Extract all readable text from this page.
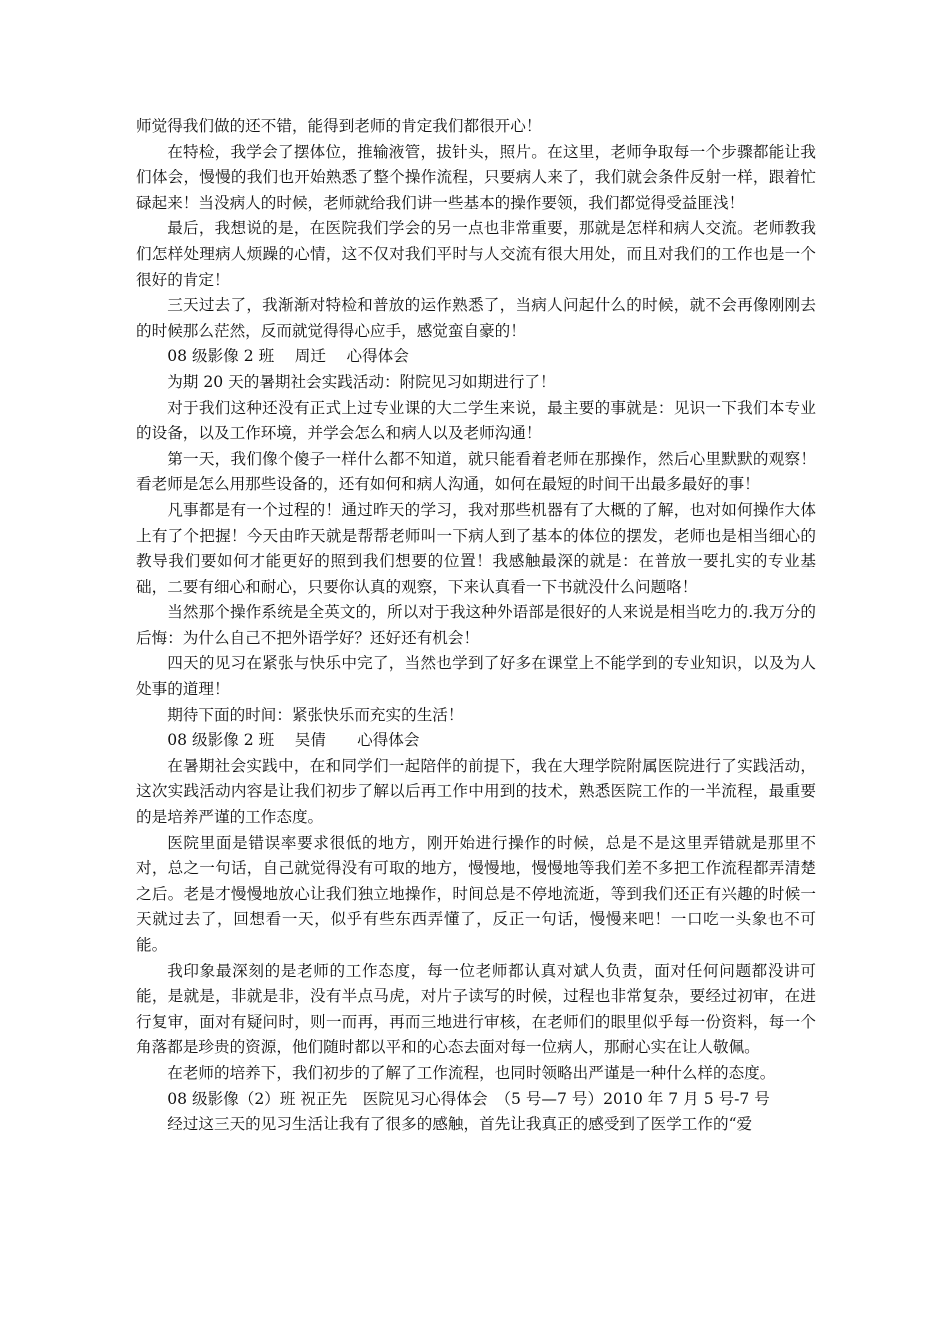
师觉得我们做的还不错，能得到老师的肯定我们都很开心！

在特检，我学会了摆体位，推输液管，拔针头，照片。在这里，老师争取每一个步骤都能让我们体会，慢慢的我们也开始熟悉了整个操作流程，只要病人来了，我们就会条件反射一样，跟着忙碌起来！当没病人的时候，老师就给我们讲一些基本的操作要领，我们都觉得受益匪浅！

最后，我想说的是，在医院我们学会的另一点也非常重要，那就是怎样和病人交流。老师教我们怎样处理病人烦躁的心情，这不仅对我们平时与人交流有很大用处，而且对我们的工作也是一个很好的肯定！

三天过去了，我渐渐对特检和普放的运作熟悉了，当病人问起什么的时候，就不会再像刚刚去的时候那么茫然，反而就觉得得心应手，感觉蛮自豪的！

08 级影像 2 班　 周迁　 心得体会

为期 20 天的暑期社会实践活动：附院见习如期进行了！

对于我们这种还没有正式上过专业课的大二学生来说，最主要的事就是：见识一下我们本专业的设备，以及工作环境，并学会怎么和病人以及老师沟通！

第一天，我们像个傻子一样什么都不知道，就只能看着老师在那操作，然后心里默默的观察！看老师是怎么用那些设备的，还有如何和病人沟通，如何在最短的时间干出最多最好的事！

凡事都是有一个过程的！通过昨天的学习，我对那些机器有了大概的了解，也对如何操作大体上有了个把握！今天由昨天就是帮帮老师叫一下病人到了基本的体位的摆发，老师也是相当细心的教导我们要如何才能更好的照到我们想要的位置！我感触最深的就是：在普放一要扎实的专业基础，二要有细心和耐心，只要你认真的观察，下来认真看一下书就没什么问题咯！

当然那个操作系统是全英文的，所以对于我这种外语部是很好的人来说是相当吃力的.我万分的后悔：为什么自己不把外语学好？还好还有机会！

四天的见习在紧张与快乐中完了，当然也学到了好多在课堂上不能学到的专业知识，以及为人处事的道理！

期待下面的时间：紧张快乐而充实的生活！

08 级影像 2 班　 吴倩　　心得体会

在暑期社会实践中，在和同学们一起陪伴的前提下，我在大理学院附属医院进行了实践活动，这次实践活动内容是让我们初步了解以后再工作中用到的技术，熟悉医院工作的一半流程，最重要的是培养严谨的工作态度。

医院里面是错误率要求很低的地方，刚开始进行操作的时候，总是不是这里弄错就是那里不对，总之一句话，自己就觉得没有可取的地方，慢慢地，慢慢地等我们差不多把工作流程都弄清楚之后。老是才慢慢地放心让我们独立地操作，时间总是不停地流逝，等到我们还正有兴趣的时候一天就过去了，回想看一天，似乎有些东西弄懂了，反正一句话，慢慢来吧！一口吃一头象也不可能。

我印象最深刻的是老师的工作态度，每一位老师都认真对斌人负责，面对任何问题都没讲可能，是就是，非就是非，没有半点马虎，对片子读写的时候，过程也非常复杂，要经过初审，在进行复审，面对有疑问时，则一而再，再而三地进行审核，在老师们的眼里似乎每一份资料，每一个角落都是珍贵的资源，他们随时都以平和的心态去面对每一位病人，那耐心实在让人敬佩。

在老师的培养下，我们初步的了解了工作流程，也同时领略出严谨是一种什么样的态度。

08 级影像（2）班 祝正先　医院见习心得体会　（5 号—7 号）2010 年 7 月 5 号-7 号

经过这三天的见习生活让我有了很多的感触，首先让我真正的感受到了医学工作的“爱
